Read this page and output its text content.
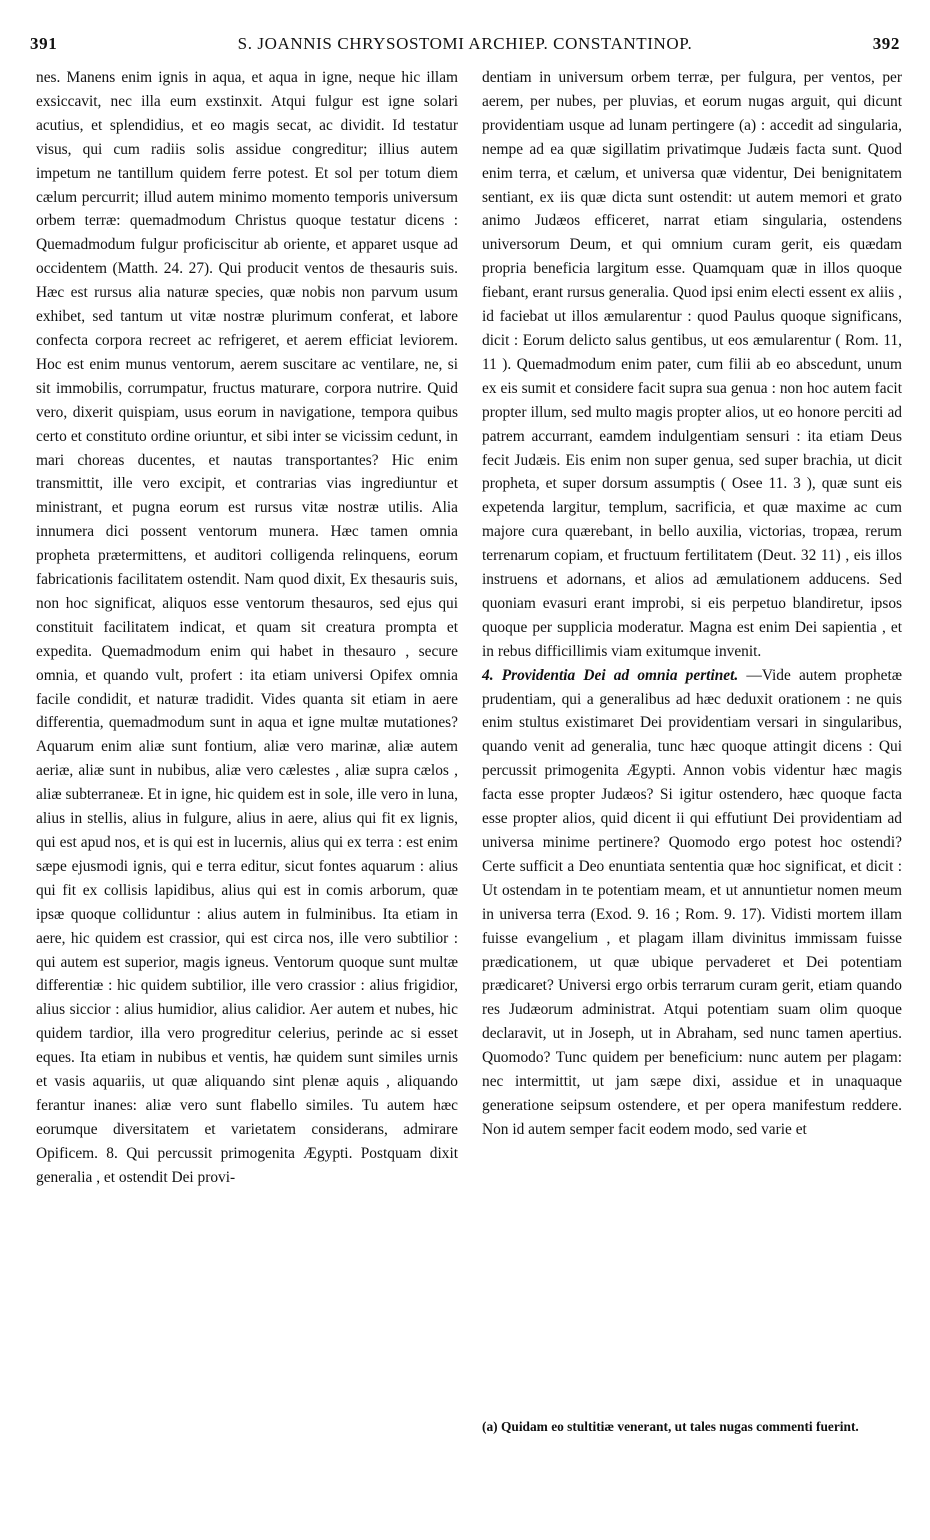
391	S. JOANNIS CHRYSOSTOMI ARCHIEP. CONSTANTINOP.	392

nes. Manens enim ignis in aqua, et aqua in igne, neque hic illam exsiccavit, nec illa eum exstinxit. Atqui fulgur est igne solari acutius, et splendidius, et eo magis secat, ac dividit. Id testatur visus, qui cum radiis solis assidue congreditur; illius autem impetum ne tantillum quidem ferre potest. Et sol per totum diem cælum percurrit; illud autem minimo momento temporis universum orbem terræ: quemadmodum Christus quoque testatur dicens : Quemadmodum fulgur proficiscitur ab oriente, et apparet usque ad occidentem (Matth. 24. 27). Qui producit ventos de thesauris suis. Hæc est rursus alia naturæ species, quæ nobis non parvum usum exhibet, sed tantum ut vitæ nostræ plurimum conferat, et labore confecta corpora recreet ac refrigeret, et aerem efficiat leviorem. Hoc est enim munus ventorum, aerem suscitare ac ventilare, ne, si sit immobilis, corrumpatur, fructus maturare, corpora nutrire. Quid vero, dixerit quispiam, usus eorum in navigatione, tempora quibus certo et constituto ordine oriuntur, et sibi inter se vicissim cedunt, in mari choreas ducentes, et nautas transportantes? Hic enim transmittit, ille vero excipit, et contrarias vias ingrediuntur et ministrant, et pugna eorum est rursus vitæ nostræ utilis. Alia innumera dici possent ventorum munera. Hæc tamen omnia propheta prætermittens, et auditori colligenda relinquens, eorum fabricationis facilitatem ostendit. Nam quod dixit, Ex thesauris suis, non hoc significat, aliquos esse ventorum thesauros, sed ejus qui constituit facilitatem indicat, et quam sit creatura prompta et expedita. Quemadmodum enim qui habet in thesauro , secure omnia, et quando vult, profert : ita etiam universi Opifex omnia facile condidit, et naturæ tradidit. Vides quanta sit etiam in aere differentia, quemadmodum sunt in aqua et igne multæ mutationes? Aquarum enim aliæ sunt fontium, aliæ vero marinæ, aliæ autem aeriæ, aliæ sunt in nubibus, aliæ vero cælestes , aliæ supra cælos , aliæ subterraneæ. Et in igne, hic quidem est in sole, ille vero in luna, alius in stellis, alius in fulgure, alius in aere, alius qui fit ex lignis, qui est apud nos, et is qui est in lucernis, alius qui ex terra : est enim sæpe ejusmodi ignis, qui e terra editur, sicut fontes aquarum : alius qui fit ex collisis lapidibus, alius qui est in comis arborum, quæ ipsæ quoque colliduntur : alius autem in fulminibus. Ita etiam in aere, hic quidem est crassior, qui est circa nos, ille vero subtilior : qui autem est superior, magis igneus. Ventorum quoque sunt multæ differentiæ : hic quidem subtilior, ille vero crassior : alius frigidior, alius siccior : alius humidior, alius calidior. Aer autem et nubes, hic quidem tardior, illa vero progreditur celerius, perinde ac si esset eques. Ita etiam in nubibus et ventis, hæ quidem sunt similes urnis et vasis aquariis, ut quæ aliquando sint plenæ aquis , aliquando ferantur inanes: aliæ vero sunt flabello similes. Tu autem hæc eorumque diversitatem et varietatem considerans, admirare Opificem. 8. Qui percussit primogenita Ægypti. Postquam dixit generalia , et ostendit Dei provi-

dentiam in universum orbem terræ, per fulgura, per ventos, per aerem, per nubes, per pluvias, et eorum nugas arguit, qui dicunt providentiam usque ad lunam pertingere (a) : accedit ad singularia, nempe ad ea quæ sigillatim privatimque Judæis facta sunt. Quod enim terra, et cælum, et universa quæ videntur, Dei benignitatem sentiant, ex iis quæ dicta sunt ostendit: ut autem memori et grato animo Judæos efficeret, narrat etiam singularia, ostendens universorum Deum, et qui omnium curam gerit, eis quædam propria beneficia largitum esse. Quamquam quæ in illos quoque fiebant, erant rursus generalia. Quod ipsi enim electi essent ex aliis , id faciebat ut illos æmularentur : quod Paulus quoque significans, dicit : Eorum delicto salus gentibus, ut eos æmularentur ( Rom. 11, 11 ). Quemadmodum enim pater, cum filii ab eo abscedunt, unum ex eis sumit et considere facit supra sua genua : non hoc autem facit propter illum, sed multo magis propter alios, ut eo honore perciti ad patrem accurrant, eamdem indulgentiam sensuri : ita etiam Deus fecit Judæis. Eis enim non super genua, sed super brachia, ut dicit propheta, et super dorsum assumptis ( Osee 11. 3 ), quæ sunt eis expetenda largitur, templum, sacrificia, et quæ maxime ac cum majore cura quærebant, in bello auxilia, victorias, tropæa, rerum terrenarum copiam, et fructuum fertilitatem (Deut. 32 11) , eis illos instruens et adornans, et alios ad æmulationem adducens. Sed quoniam evasuri erant improbi, si eis perpetuo blandiretur, ipsos quoque per supplicia moderatur. Magna est enim Dei sapientia , et in rebus difficillimis viam exitumque invenit.

4. Providentia Dei ad omnia pertinet. —Vide autem prophetæ prudentiam, qui a generalibus ad hæc deduxit orationem : ne quis enim stultus existimaret Dei providentiam versari in singularibus, quando venit ad generalia, tunc hæc quoque attingit dicens : Qui percussit primogenita Ægypti. Annon vobis videntur hæc magis facta esse propter Judæos? Si igitur ostendero, hæc quoque facta esse propter alios, quid dicent ii qui effutiunt Dei providentiam ad universa minime pertinere? Quomodo ergo potest hoc ostendi? Certe sufficit a Deo enuntiata sententia quæ hoc significat, et dicit : Ut ostendam in te potentiam meam, et ut annuntietur nomen meum in universa terra (Exod. 9. 16 ; Rom. 9. 17). Vidisti mortem illam fuisse evangelium , et plagam illam divinitus immissam fuisse prædicationem, ut quæ ubique pervaderet et Dei potentiam prædicaret? Universi ergo orbis terrarum curam gerit, etiam quando res Judæorum administrat. Atqui potentiam suam olim quoque declaravit, ut in Joseph, ut in Abraham, sed nunc tamen apertius. Quomodo? Tunc quidem per beneficium: nunc autem per plagam: nec intermittit, ut jam sæpe dixi, assidue et in unaquaque generatione seipsum ostendere, et per opera manifestum reddere. Non id autem semper facit eodem modo, sed varie et

(a) Quidam eo stultitiæ venerant, ut tales nugas commenti fuerint.
